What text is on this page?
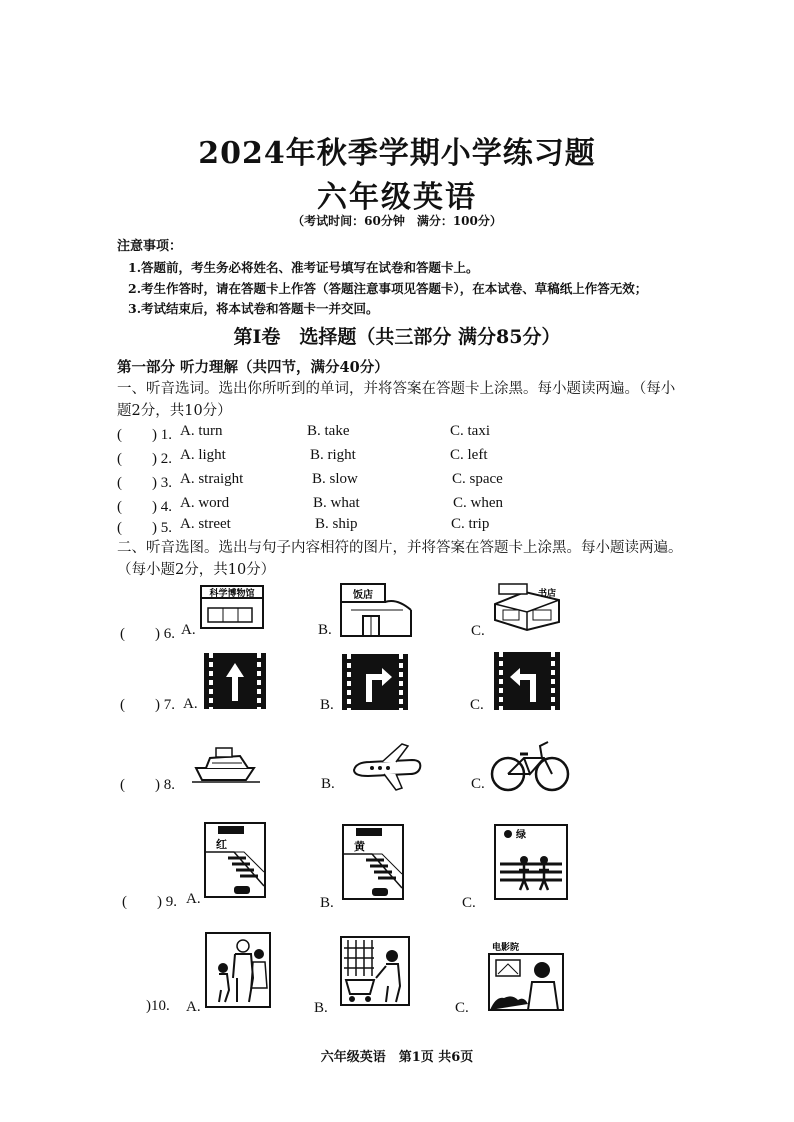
2024年秋季学期小学练习题
六年级英语
（考试时间：60分钟　满分：100分）
注意事项：
1.答题前，考生务必将姓名、准考证号填写在试卷和答题卡上。
2.考生作答时，请在答题卡上作答（答题注意事项见答题卡），在本试卷、草稿纸上作答无效；
3.考试结束后，将本试卷和答题卡一并交回。
第I卷　选择题（共三部分 满分85分）
第一部分 听力理解（共四节，满分40分）
一、听音选词。选出你所听到的单词，并将答案在答题卡上涂黑。每小题读两遍。（每小题2分，共10分）
(　　) 1. A. turn	B. take	C. taxi
(　　) 2. A. light	B. right	C. left
(　　) 3. A. straight	B. slow	C. space
(　　) 4. A. word	B. what	C. when
(　　) 5. A. street	B. ship	C. trip
二、听音选图。选出与句子内容相符的图片，并将答案在答题卡上涂黑。每小题读两遍。（每小题2分，共10分）
(　　) 6. A.
科学博物馆
B.
饭店
C.
书店
(　　) 7. A.	B.	C.
(　　) 8.	B.	C.
(　　) 9. A.
红
B.
黄
C.
绿
)10. A.	B.	C.
电影院
六年级英语　第1页 共6页
